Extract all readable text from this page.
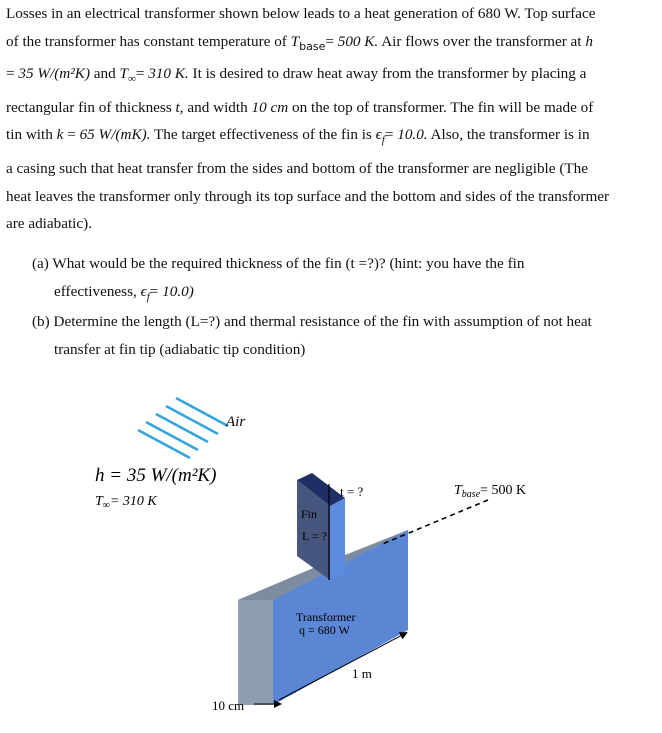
Losses in an electrical transformer shown below leads to a heat generation of 680 W. Top surface
of the transformer has constant temperature of $T_{base}= 500$ K. Air flows over the transformer at h
= 35 W/(m²K) and $T_\infty= 310$ K. It is desired to draw heat away from the transformer by placing a
rectangular fin of thickness t, and width 10 cm on the top of transformer. The fin will be made of
tin with k = 65 W/(mK). The target effectiveness of the fin is $\epsilon_f= 10.0$. Also, the transformer is in
a casing such that heat transfer from the sides and bottom of the transformer are negligible (The
heat leaves the transformer only through its top surface and the bottom and sides of the transformer
are adiabatic).
(a) What would be the required thickness of the fin (t =?)? (hint: you have the fin
effectiveness, $\epsilon_f= 10.0$)
(b) Determine the length (L=?) and thermal resistance of the fin with assumption of not heat
transfer at fin tip (adiabatic tip condition)
Air
Fin
L = ?
t = ?
h = 35 W/(m²K)
$T_\infty= 310$ K
$T_{base}= 500$ K
Transformer
q = 680 W
1 m
10 cm
